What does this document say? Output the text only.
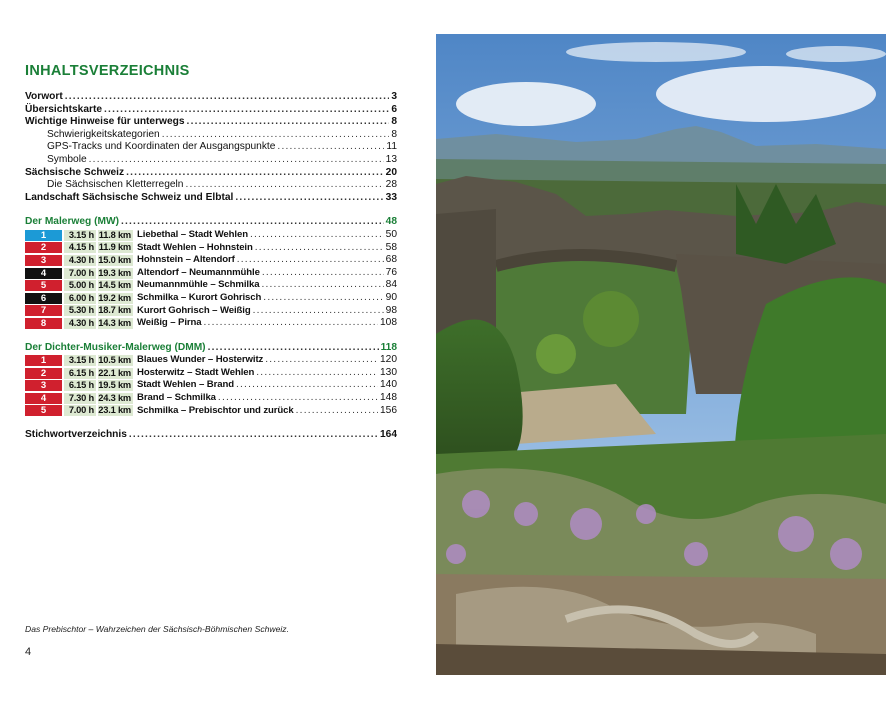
INHALTSVERZEICHNIS
Vorwort .....	3
Übersichtskarte .....	6
Wichtige Hinweise für unterwegs .....	8
Schwierigkeitskategorien .....	8
GPS-Tracks und Koordinaten der Ausgangspunkte .....	11
Symbole .....	13
Sächsische Schweiz .....	20
Die Sächsischen Kletterregeln .....	28
Landschaft Sächsische Schweiz und Elbtal .....	33
Der Malerweg (MW) .....	48
1	3.15 h 11.8 km Liebethal – Stadt Wehlen .....	50
2	4.15 h 11.9 km Stadt Wehlen – Hohnstein .....	58
3	4.30 h 15.0 km Hohnstein – Altendorf .....	68
4	7.00 h 19.3 km Altendorf – Neumannmühle .....	76
5	5.00 h 14.5 km Neumannmühle – Schmilka .....	84
6	6.00 h 19.2 km Schmilka – Kurort Gohrisch .....	90
7	5.30 h 18.7 km Kurort Gohrisch – Weißig .....	98
8	4.30 h 14.3 km Weißig – Pirna .....	108
Der Dichter-Musiker-Malerweg (DMM) .....	118
1	3.15 h 10.5 km Blaues Wunder – Hosterwitz .....	120
2	6.15 h 22.1 km Hosterwitz – Stadt Wehlen .....	130
3	6.15 h 19.5 km Stadt Wehlen – Brand .....	140
4	7.30 h 24.3 km Brand – Schmilka .....	148
5	7.00 h 23.1 km Schmilka – Prebischtor und zurück .....	156
Stichwortverzeichnis .....	164
Das Prebischtor – Wahrzeichen der Sächsisch-Böhmischen Schweiz.
4
